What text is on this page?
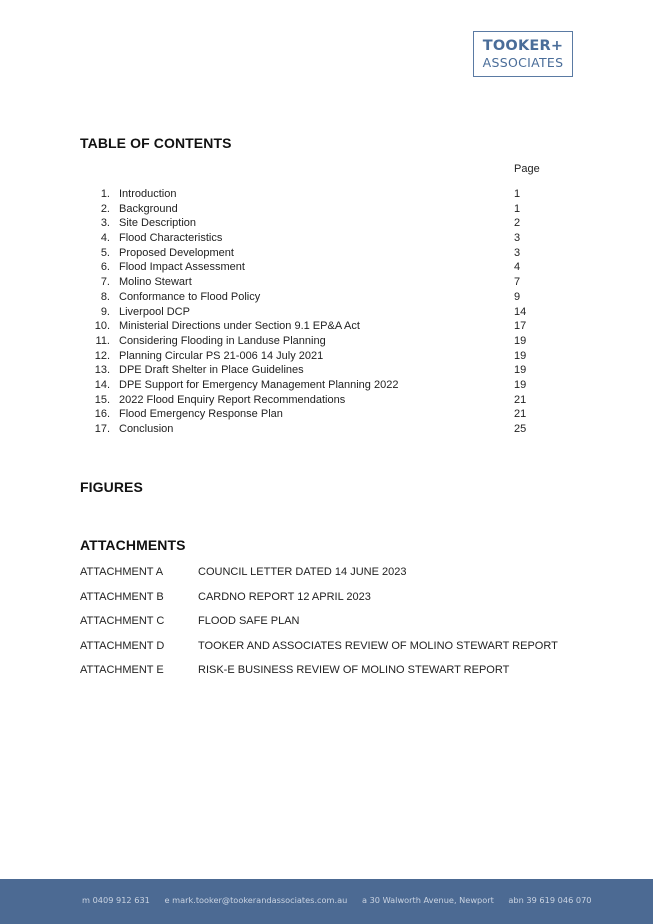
TOOKER+
ASSOCIATES
TABLE OF CONTENTS
Page
1. Introduction	1
2. Background	1
3. Site Description	2
4. Flood Characteristics	3
5. Proposed Development	3
6. Flood Impact Assessment	4
7. Molino Stewart	7
8. Conformance to Flood Policy	9
9. Liverpool DCP	14
10. Ministerial Directions under Section 9.1 EP&A Act	17
11. Considering Flooding in Landuse Planning	19
12. Planning Circular PS 21-006 14 July 2021	19
13. DPE Draft Shelter in Place Guidelines	19
14. DPE Support for Emergency Management Planning 2022	19
15. 2022 Flood Enquiry Report Recommendations	21
16. Flood Emergency Response Plan	21
17. Conclusion	25
FIGURES
ATTACHMENTS
ATTACHMENT A	COUNCIL LETTER DATED 14 JUNE 2023
ATTACHMENT B	CARDNO REPORT 12 APRIL 2023
ATTACHMENT C	FLOOD SAFE PLAN
ATTACHMENT D	TOOKER AND ASSOCIATES REVIEW OF MOLINO STEWART REPORT
ATTACHMENT E	RISK-E BUSINESS REVIEW OF MOLINO STEWART REPORT
m 0409 912 631 e mark.tooker@tookerandassociates.com.au a 30 Walworth Avenue, Newport abn 39 619 046 070
